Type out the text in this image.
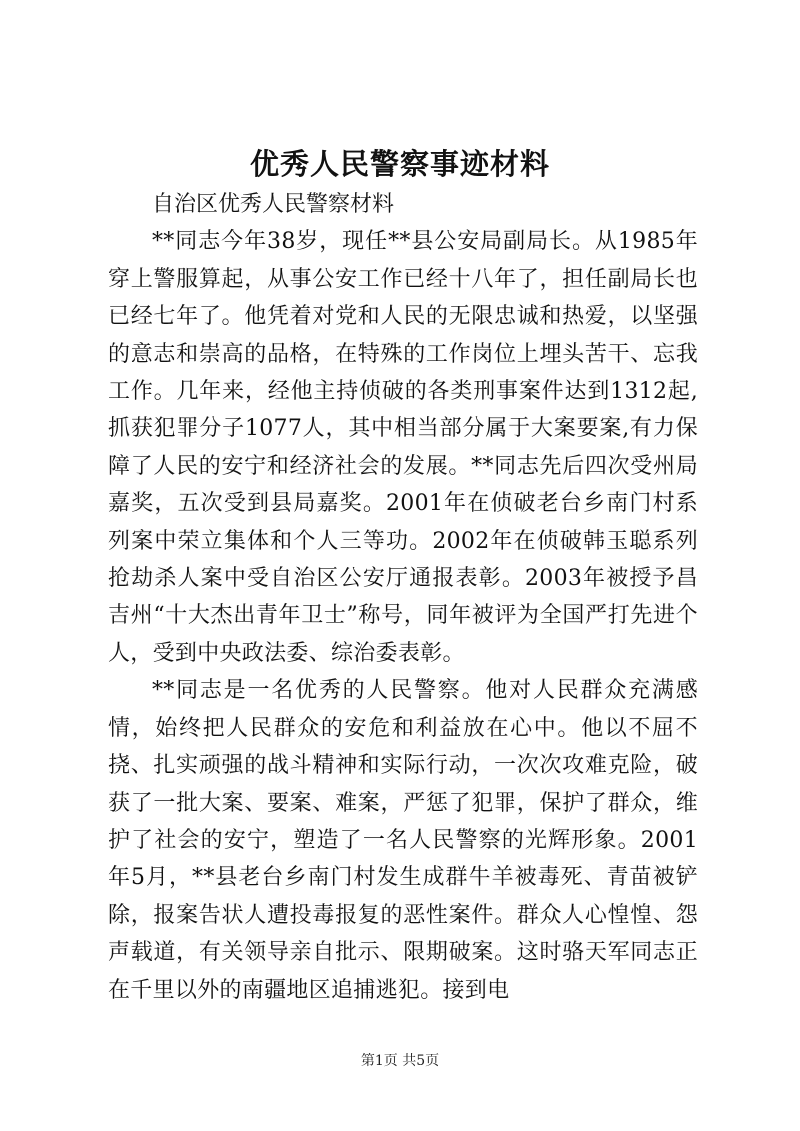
优秀人民警察事迹材料

自治区优秀人民警察材料

**同志今年38岁，现任**县公安局副局长。从1985年穿上警服算起，从事公安工作已经十八年了，担任副局长也已经七年了。他凭着对党和人民的无限忠诚和热爱，以坚强的意志和崇高的品格，在特殊的工作岗位上埋头苦干、忘我工作。几年来，经他主持侦破的各类刑事案件达到1312起,抓获犯罪分子1077人，其中相当部分属于大案要案,有力保障了人民的安宁和经济社会的发展。**同志先后四次受州局嘉奖，五次受到县局嘉奖。2001年在侦破老台乡南门村系列案中荣立集体和个人三等功。2002年在侦破韩玉聪系列抢劫杀人案中受自治区公安厅通报表彰。2003年被授予昌吉州“十大杰出青年卫士”称号，同年被评为全国严打先进个人，受到中央政法委、综治委表彰。

**同志是一名优秀的人民警察。他对人民群众充满感情，始终把人民群众的安危和利益放在心中。他以不屈不挠、扎实顽强的战斗精神和实际行动，一次次攻难克险，破获了一批大案、要案、难案，严惩了犯罪，保护了群众，维护了社会的安宁，塑造了一名人民警察的光辉形象。2001年5月，**县老台乡南门村发生成群牛羊被毒死、青苗被铲除，报案告状人遭投毒报复的恶性案件。群众人心惶惶、怨声载道，有关领导亲自批示、限期破案。这时骆天军同志正在千里以外的南疆地区追捕逃犯。接到电

第1页 共5页
